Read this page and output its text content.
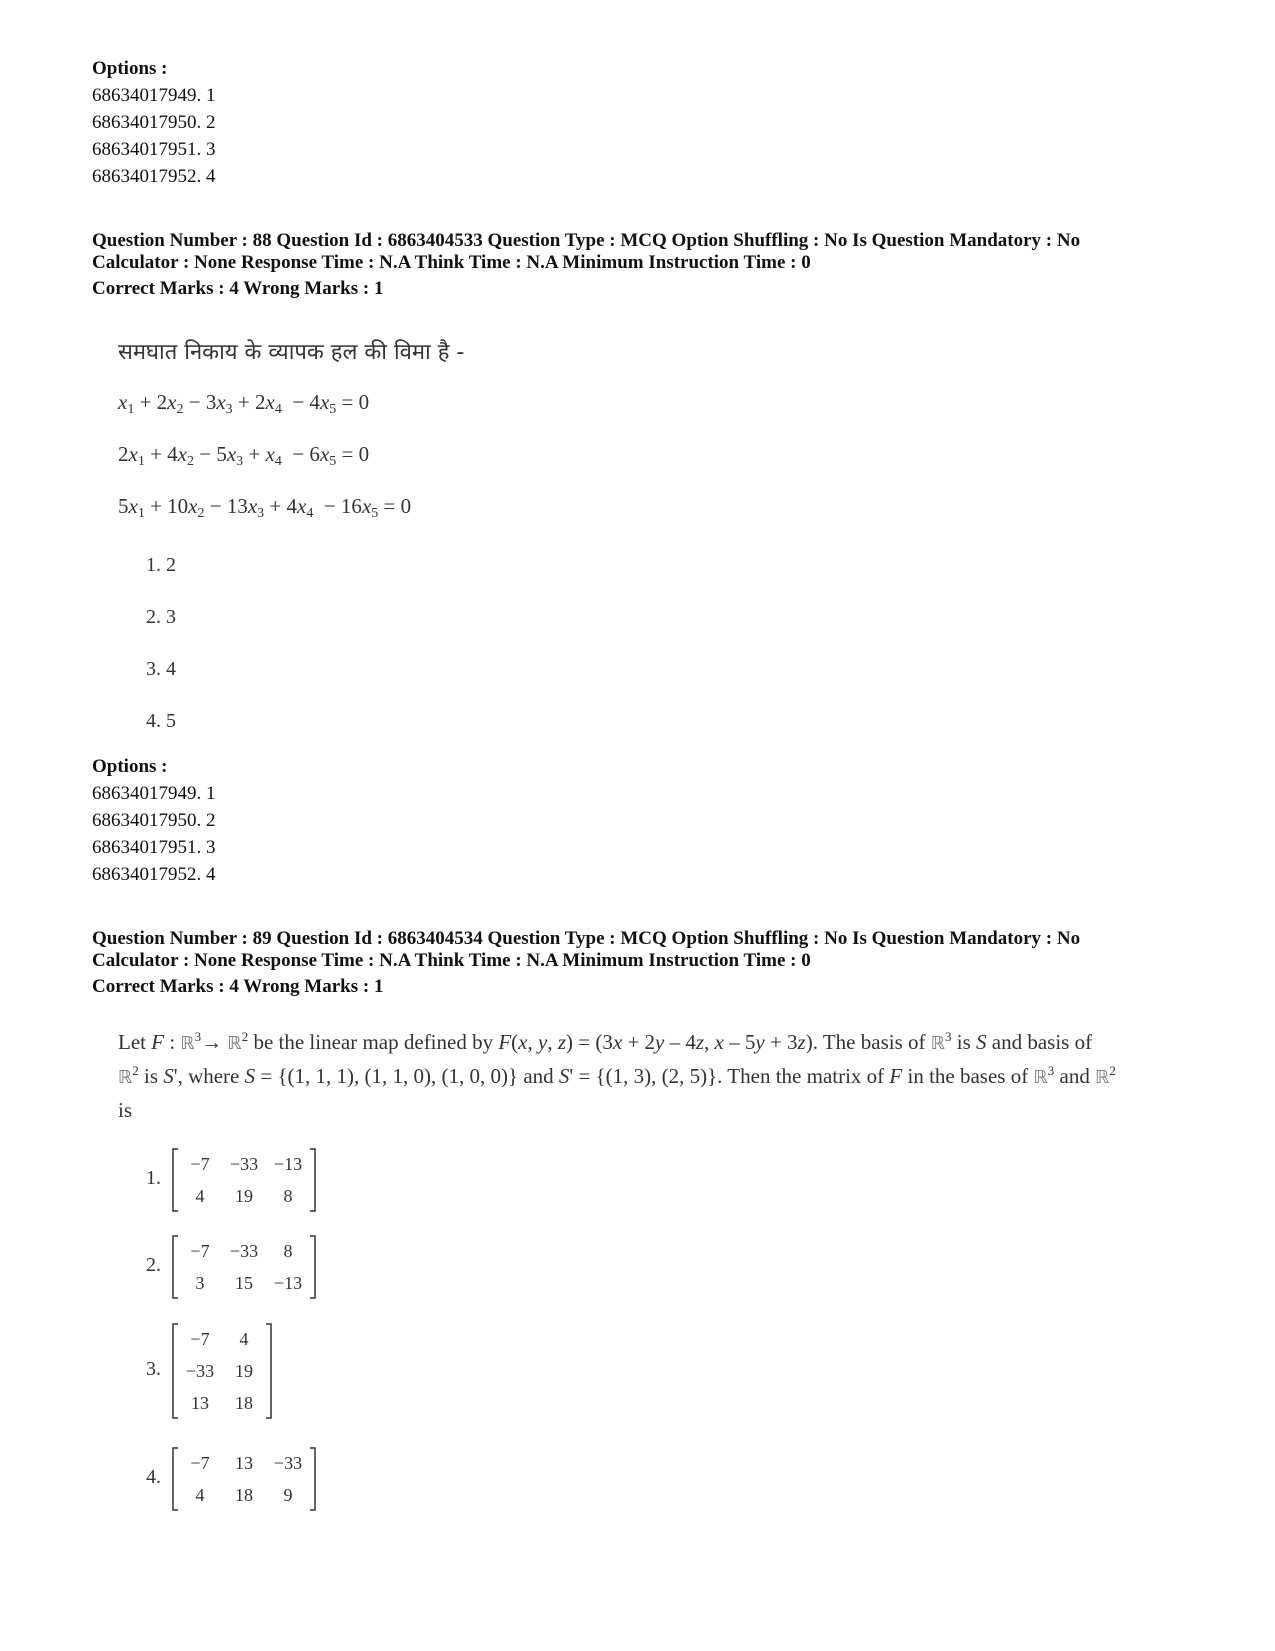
Options :
68634017949. 1
68634017950. 2
68634017951. 3
68634017952. 4
Question Number : 88 Question Id : 6863404533 Question Type : MCQ Option Shuffling : No Is Question Mandatory : No
Calculator : None Response Time : N.A Think Time : N.A Minimum Instruction Time : 0
Correct Marks : 4 Wrong Marks : 1
समघात निकाय के व्यापक हल की विमा है -
$x_1 + 2x_2 - 3x_3 + 2x_4 - 4x_5 = 0$
$2x_1 + 4x_2 - 5x_3 + x_4 - 6x_5 = 0$
$5x_1 + 10x_2 - 13x_3 + 4x_4 - 16x_5 = 0$
1. 2
2. 3
3. 4
4. 5
Options :
68634017949. 1
68634017950. 2
68634017951. 3
68634017952. 4
Question Number : 89 Question Id : 6863404534 Question Type : MCQ Option Shuffling : No Is Question Mandatory : No
Calculator : None Response Time : N.A Think Time : N.A Minimum Instruction Time : 0
Correct Marks : 4 Wrong Marks : 1
Let F : ℝ$^3$→ ℝ$^2$ be the linear map defined by F(x, y, z) = (3x + 2y – 4z, x – 5y + 3z). The basis of ℝ$^3$ is S and basis of ℝ$^2$ is S', where S = {(1, 1, 1), (1, 1, 0), (1, 0, 0)} and S' = {(1, 3), (2, 5)}. Then the matrix of F in the bases of ℝ$^3$ and ℝ$^2$ is
1.
−7	−33 −13
4	19	8
2.
−7	−33	8
3	15	−13
3.
−7	4
−33	19
13	18
4.
−7	13	−33
4	18	9
